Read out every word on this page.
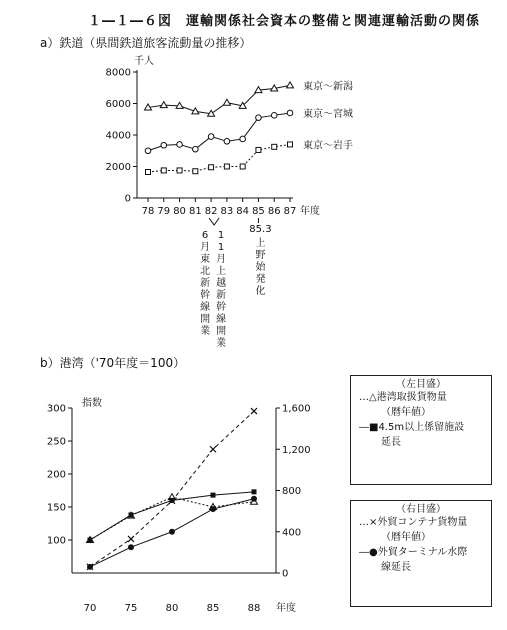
１―１―６図　運輸関係社会資本の整備と関連運輸活動の関係
a）鉄道（県間鉄道旅客流動量の推移）
b）港湾（'70年度＝100）
千人
0
2000
4000
6000
8000
78 79 80 81 82 83 84 85 86 87 年度
東京～新潟
東京～宮城
東京～岩手
6
月
東
北
新
幹
線
開
業
1
1
月
上
越
新
幹
線
開
業
85.3
上
野
始
発
化
指数
100
150
200
250
300
0
400
800
1,200
1,600
70	75	80	85	88 年度
（左目盛）
…△港湾取扱貨物量
（暦年値）
―■4.5m以上係留施設
延長
（右目盛）
…×外貿コンテナ貨物量
（暦年値）
―●外貿ターミナル水際
線延長
